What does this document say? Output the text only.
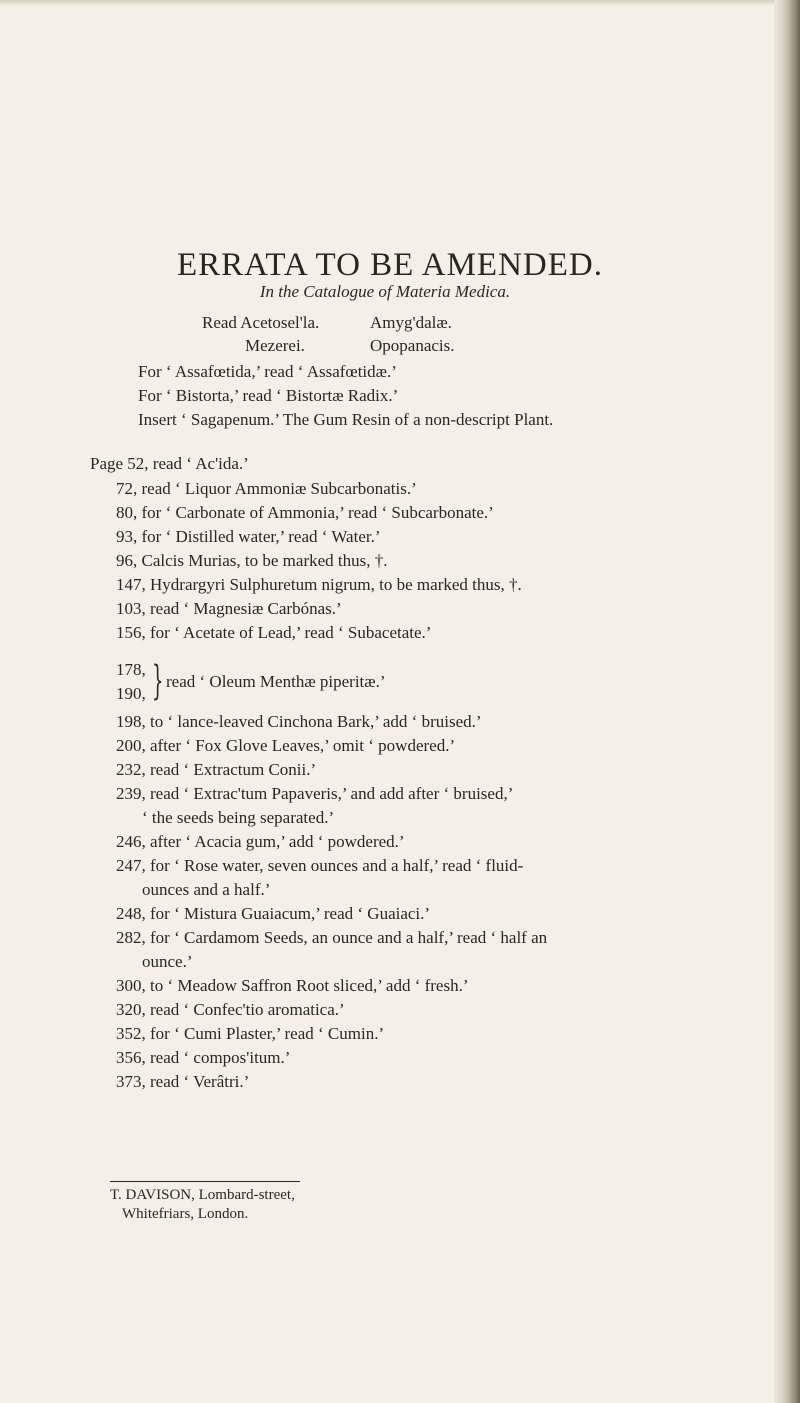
ERRATA TO BE AMENDED.
In the Catalogue of Materia Medica.
Read Acetosel'la.	Amyg'dalæ.
Mezerei.	Opopanacis.
For ‘ Assafœtida,’ read ‘ Assafœtidæ.’
For ‘ Bistorta,’ read ‘ Bistortæ Radix.’
Insert ‘ Sagapenum.’ The Gum Resin of a non-descript Plant.
Page 52, read ‘ Ac'ida.’
72, read ‘ Liquor Ammoniæ Subcarbonatis.’
80, for ‘ Carbonate of Ammonia,’ read ‘ Subcarbonate.’
93, for ‘ Distilled water,’ read ‘ Water.’
96, Calcis Murias, to be marked thus, †.
147, Hydrargyri Sulphuretum nigrum, to be marked thus, †.
103, read ‘ Magnesiæ Carbónas.’
156, for ‘ Acetate of Lead,’ read ‘ Subacetate.’
178,
190, } read ‘ Oleum Menthæ piperitæ.’
198, to ‘ lance-leaved Cinchona Bark,’ add ‘ bruised.’
200, after ‘ Fox Glove Leaves,’ omit ‘ powdered.’
232, read ‘ Extractum Conii.’
239, read ‘ Extrac'tum Papaveris,’ and add after ‘ bruised,’
‘ the seeds being separated.’
246, after ‘ Acacia gum,’ add ‘ powdered.’
247, for ‘ Rose water, seven ounces and a half,’ read ‘ fluid-
ounces and a half.’
248, for ‘ Mistura Guaiacum,’ read ‘ Guaiaci.’
282, for ‘ Cardamom Seeds, an ounce and a half,’ read ‘ half an
ounce.’
300, to ‘ Meadow Saffron Root sliced,’ add ‘ fresh.’
320, read ‘ Confec'tio aromatica.’
352, for ‘ Cumi Plaster,’ read ‘ Cumin.’
356, read ‘ compos'itum.’
373, read ‘ Verâtri.’
T. DAVISON, Lombard-street,
Whitefriars, London.
